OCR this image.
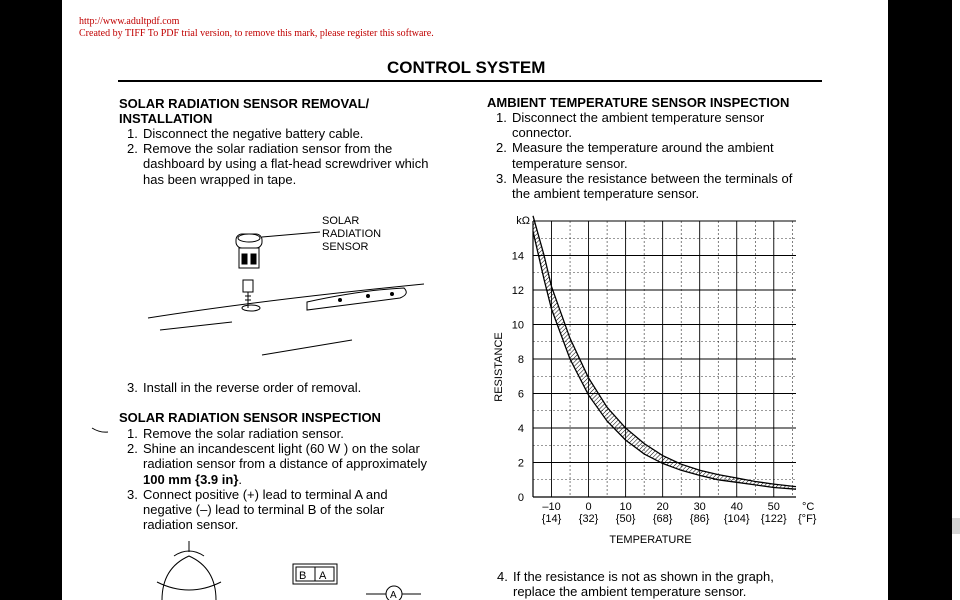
http://www.adultpdf.com
Created by TIFF To PDF trial version, to remove this mark, please register this software.
CONTROL SYSTEM
SOLAR RADIATION SENSOR REMOVAL/
INSTALLATION
1. Disconnect the negative battery cable.
2. Remove the solar radiation sensor from the
dashboard by using a flat-head screwdriver which
has been wrapped in tape.
3. Install in the reverse order of removal.
SOLAR RADIATION SENSOR INSPECTION
1. Remove the solar radiation sensor.
2. Shine an incandescent light (60 W ) on the solar
radiation sensor from a distance of approximately
100 mm {3.9 in}.
3. Connect positive (+) lead to terminal A and
negative (–) lead to terminal B of the solar
radiation sensor.
AMBIENT TEMPERATURE SENSOR INSPECTION
1. Disconnect the ambient temperature sensor
connector.
2. Measure the temperature around the ambient
temperature sensor.
3. Measure the resistance between the terminals of
the ambient temperature sensor.
4. If the resistance is not as shown in the graph,
replace the ambient temperature sensor.
SOLAR
RADIATION
SENSOR
B A
A
0
2
4
6
8
10
12
14
kΩ
–10 0	10 20 30 40 50
{14} {32} {50} {68} {86} {104} {122}
°C
{°F}
TEMPERATURE
RESISTANCE
